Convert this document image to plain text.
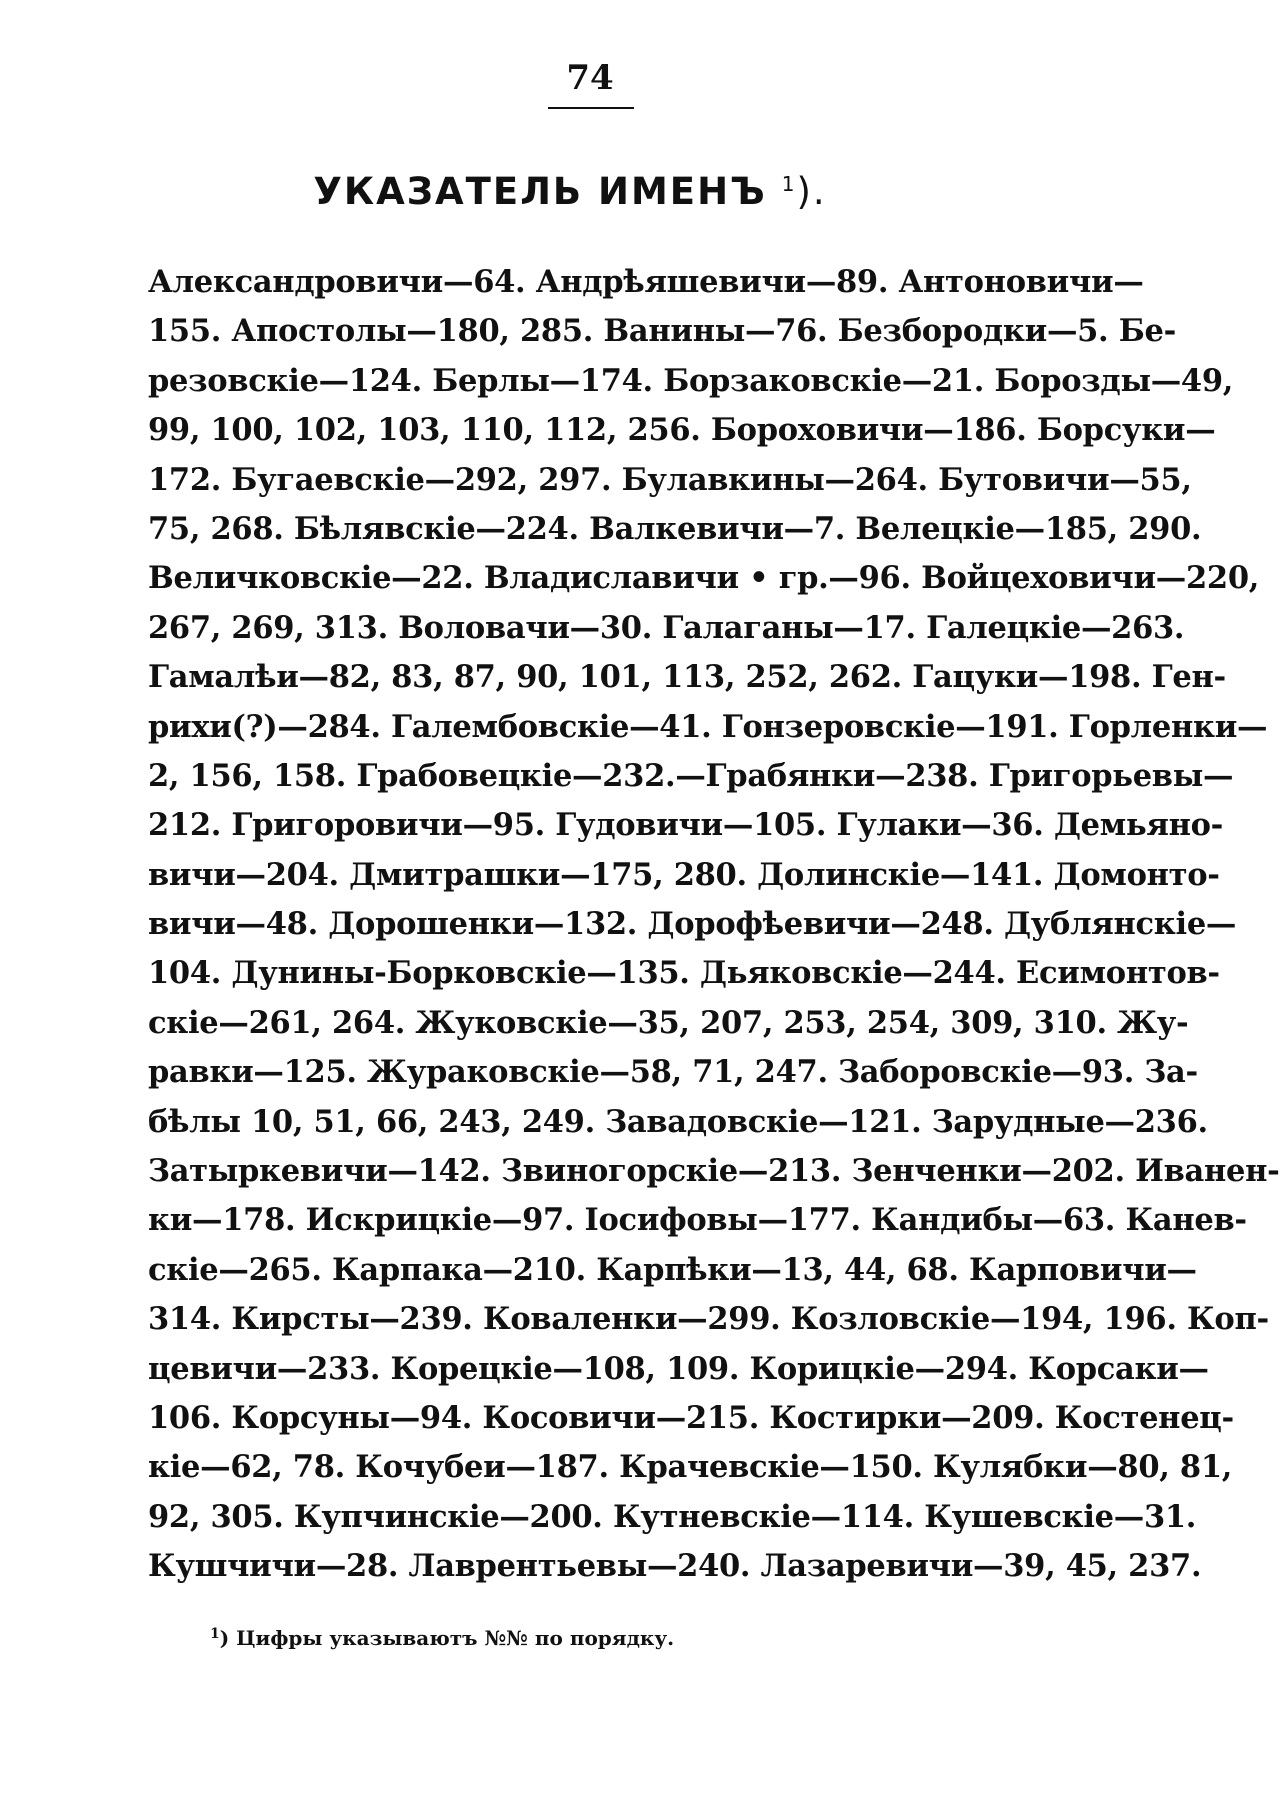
74
УКАЗАТЕЛЬ ИМЕНЪ $^1$).
Александровичи—64. Андрѣяшевичи—89. Антоновичи—
155. Апостолы—180, 285. Ванины—76. Безбородки—5. Бе-
резовскіе—124. Берлы—174. Борзаковскіе—21. Борозды—49,
99, 100, 102, 103, 110, 112, 256. Бороховичи—186. Борсуки—
172. Бугаевскіе—292, 297. Булавкины—264. Бутовичи—55,
75, 268. Бѣлявскіе—224. Валкевичи—7. Велецкіе—185, 290.
Величковскіе—22. Владиславичи • гр.—96. Войцеховичи—220,
267, 269, 313. Воловачи—30. Галаганы—17. Галецкіе—263.
Гамалѣи—82, 83, 87, 90, 101, 113, 252, 262. Гацуки—198. Ген-
рихи(?)—284. Галембовскіе—41. Гонзеровскіе—191. Горленки—
2, 156, 158. Грабовецкіе—232.—Грабянки—238. Григорьевы—
212. Григоровичи—95. Гудовичи—105. Гулаки—36. Демьяно-
вичи—204. Дмитрашки—175, 280. Долинскіе—141. Домонто-
вичи—48. Дорошенки—132. Дорофѣевичи—248. Дублянскіе—
104. Дунины-Борковскіе—135. Дьяковскіе—244. Есимонтов-
скіе—261, 264. Жуковскіе—35, 207, 253, 254, 309, 310. Жу-
равки—125. Жураковскіе—58, 71, 247. Заборовскіе—93. За-
бѣлы 10, 51, 66, 243, 249. Завадовскіе—121. Зарудные—236.
Затыркевичи—142. Звиногорскіе—213. Зенченки—202. Иванен-
ки—178. Искрицкіе—97. Іосифовы—177. Кандибы—63. Канев-
скіе—265. Карпака—210. Карпѣки—13, 44, 68. Карповичи—
314. Кирсты—239. Коваленки—299. Козловскіе—194, 196. Коп-
цевичи—233. Корецкіе—108, 109. Корицкіе—294. Корсаки—
106. Корсуны—94. Косовичи—215. Костирки—209. Костенец-
кіе—62, 78. Кочубеи—187. Крачевскіе—150. Кулябки—80, 81,
92, 305. Купчинскіе—200. Кутневскіе—114. Кушевскіе—31.
Кушчичи—28. Лаврентьевы—240. Лазаревичи—39, 45, 237.
$^1$) Цифры указываютъ №№ по порядку.
